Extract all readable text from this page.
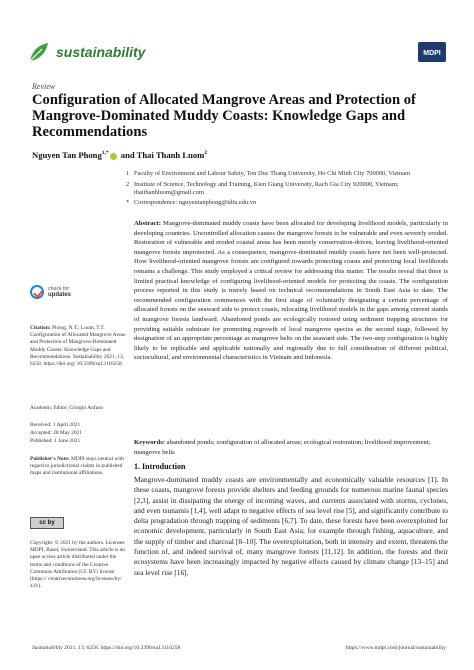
sustainability	MDPI
Review
Configuration of Allocated Mangrove Areas and Protection of Mangrove-Dominated Muddy Coasts: Knowledge Gaps and Recommendations
Nguyen Tan Phong$^{1,*}$ and Thai Thanh Luom$^2$
1 Faculty of Environment and Labour Safety, Ton Duc Thang University, Ho Chi Minh City 700000, Vietnam
2 Institute of Science, Technology and Training, Kien Giang University, Rach Gia City 920000, Vietnam; thaithanhluom@gmail.com
* Correspondence: nguyentanphong@tdtu.edu.vn
Abstract: Mangrove-dominated muddy coasts have been allocated for developing livelihood models, particularly in developing countries. Uncontrolled allocation causes the mangrove forests to be vulnerable and even severely eroded. Restoration of vulnerable and eroded coastal areas has been merely conservation-driven, leaving livelihood-oriented mangrove forests unprotected. As a consequence, mangrove-dominated muddy coasts have not been well-protected. How livelihood-oriented mangrove forests are configured towards protecting coasts and protecting local livelihoods remains a challenge. This study employed a critical review for addressing this matter. The results reveal that there is limited practical knowledge of configuring livelihood-oriented models for protecting the coasts. The configuration process reported in this study is merely based on technical recommendations in South East Asia to date. The recommended configuration commences with the first stage of voluntarily designating a certain percentage of allocated forests on the seaward side to protect coasts, relocating livelihood models in the gaps among current stands of mangrove forests landward. Abandoned ponds are ecologically restored using sediment trapping structures for providing suitable substrate for promoting regrowth of local mangrove species as the second stage, followed by designation of an appropriate percentage as mangrove belts on the seaward side. The two-step configuration is highly likely to be replicable and applicable nationally and regionally due to full consideration of different political, sociocultural, and environmental characteristics in Vietnam and Indonesia.
Keywords: abandoned ponds; configuration of allocated areas; ecological restoration; livelihood improvement; mangrove belts
check for
updates
Citation: Phong, N.T.; Luom, T.T. Configuration of Allocated Mangrove Areas and Protection of Mangrove-Dominated Muddy Coasts: Knowledge Gaps and Recommendations. Sustainability 2021, 13, 6258. https://doi.org/ 10.3390/su13116258
Academic Editor: Giorgio Anfuso
Received: 1 April 2021
Accepted: 28 May 2021
Published: 1 June 2021
Publisher's Note: MDPI stays neutral with regard to jurisdictional claims in published maps and institutional affiliations.
cc by
Copyright: © 2021 by the authors. Licensee MDPI, Basel, Switzerland. This article is an open access article distributed under the terms and conditions of the Creative Commons Attribution (CC BY) license (https:// creativecommons.org/licenses/by/ 4.0/).
1. Introduction
Mangrove-dominated muddy coasts are environmentally and economically valuable resources [1]. In these coasts, mangrove forests provide shelters and feeding grounds for numerous marine faunal species [2,3], assist in dissipating the energy of incoming waves, and currents associated with storms, cyclones, and even tsunamis [1,4], well adapt to negative effects of sea level rise [5], and significantly contribute to delta progradation through trapping of sediments [6,7]. To date, these forests have been overexploited for economic development, particularly in South East Asia; for example through fishing, aquaculture, and the supply of timber and charcoal [8–10]. The overexploitation, both in intensity and extent, threatens the function of, and indeed survival of, many mangrove forests [11,12]. In addition, the forests and their ecosystems have been increasingly impacted by negative effects caused by climate change [13–15] and sea level rise [16].
Sustainability 2021, 13, 6258. https://doi.org/10.3390/su13116258	https://www.mdpi.com/journal/sustainability
